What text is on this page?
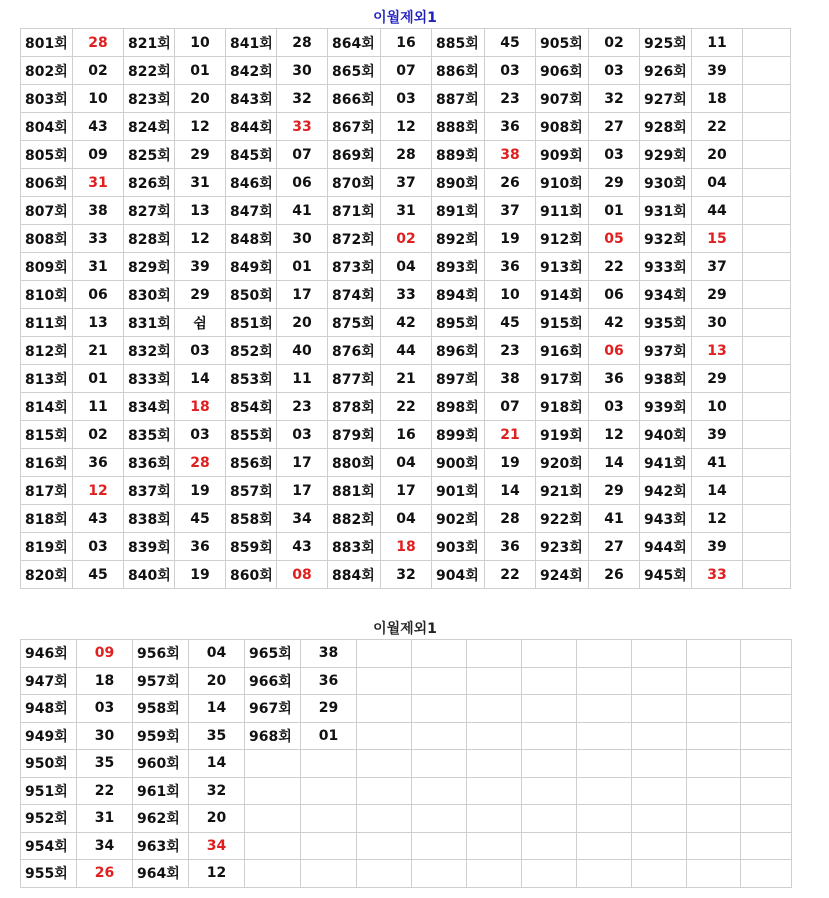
이월제외1
801회	28	821회	10	841회	28	864회	16	885회	45	905회	02	925회	11	
802회	02	822회	01	842회	30	865회	07	886회	03	906회	03	926회	39	
803회	10	823회	20	843회	32	866회	03	887회	23	907회	32	927회	18	
804회	43	824회	12	844회	33	867회	12	888회	36	908회	27	928회	22	
805회	09	825회	29	845회	07	869회	28	889회	38	909회	03	929회	20	
806회	31	826회	31	846회	06	870회	37	890회	26	910회	29	930회	04	
807회	38	827회	13	847회	41	871회	31	891회	37	911회	01	931회	44	
808회	33	828회	12	848회	30	872회	02	892회	19	912회	05	932회	15	
809회	31	829회	39	849회	01	873회	04	893회	36	913회	22	933회	37	
810회	06	830회	29	850회	17	874회	33	894회	10	914회	06	934회	29	
811회	13	831회	쉼	851회	20	875회	42	895회	45	915회	42	935회	30	
812회	21	832회	03	852회	40	876회	44	896회	23	916회	06	937회	13	
813회	01	833회	14	853회	11	877회	21	897회	38	917회	36	938회	29	
814회	11	834회	18	854회	23	878회	22	898회	07	918회	03	939회	10	
815회	02	835회	03	855회	03	879회	16	899회	21	919회	12	940회	39	
816회	36	836회	28	856회	17	880회	04	900회	19	920회	14	941회	41	
817회	12	837회	19	857회	17	881회	17	901회	14	921회	29	942회	14	
818회	43	838회	45	858회	34	882회	04	902회	28	922회	41	943회	12	
819회	03	839회	36	859회	43	883회	18	903회	36	923회	27	944회	39	
820회	45	840회	19	860회	08	884회	32	904회	22	924회	26	945회	33	
이월제외1
946회	09	956회	04	965회	38								
947회	18	957회	20	966회	36								
948회	03	958회	14	967회	29								
949회	30	959회	35	968회	01								
950회	35	960회	14										
951회	22	961회	32										
952회	31	962회	20										
954회	34	963회	34										
955회	26	964회	12										
